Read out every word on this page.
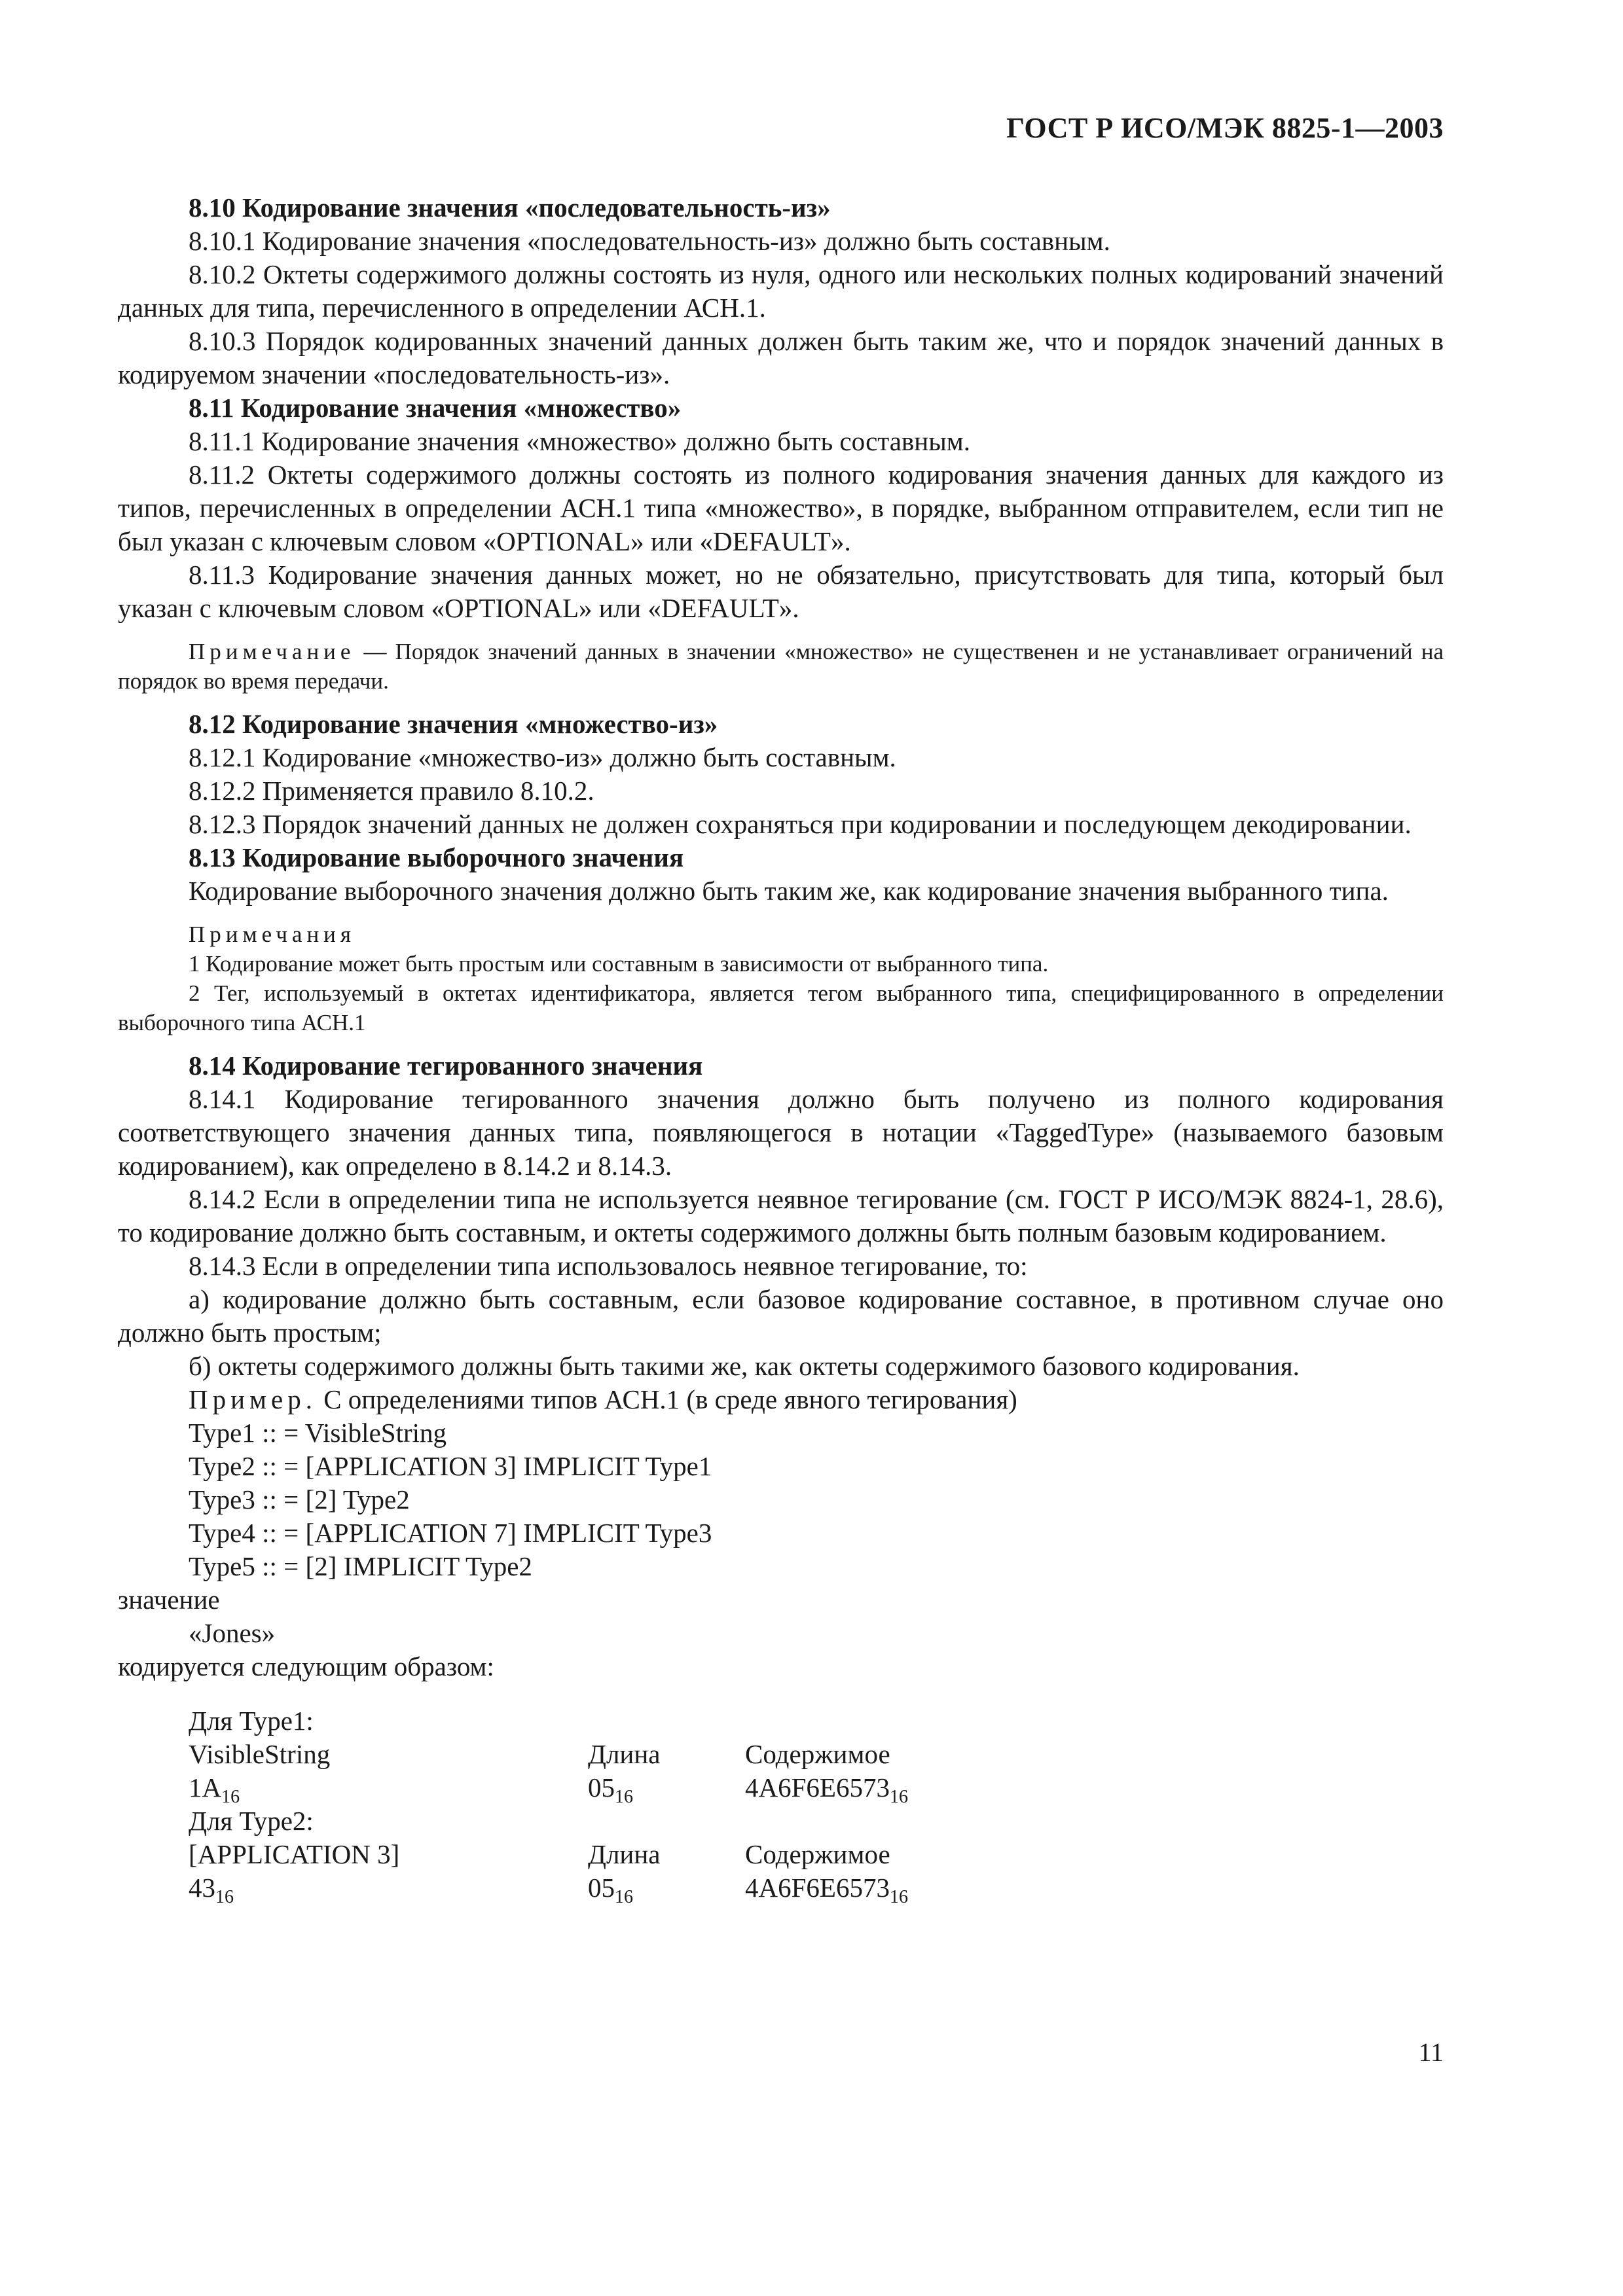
ГОСТ Р ИСО/МЭК 8825-1—2003

8.10 Кодирование значения «последовательность-из»

8.10.1 Кодирование значения «последовательность-из» должно быть составным.

8.10.2 Октеты содержимого должны состоять из нуля, одного или нескольких полных кодирований значений данных для типа, перечисленного в определении АСН.1.

8.10.3 Порядок кодированных значений данных должен быть таким же, что и порядок значений данных в кодируемом значении «последовательность-из».

8.11 Кодирование значения «множество»

8.11.1 Кодирование значения «множество» должно быть составным.

8.11.2 Октеты содержимого должны состоять из полного кодирования значения данных для каждого из типов, перечисленных в определении АСН.1 типа «множество», в порядке, выбранном отправителем, если тип не был указан с ключевым словом «OPTIONAL» или «DEFAULT».

8.11.3 Кодирование значения данных может, но не обязательно, присутствовать для типа, который был указан с ключевым словом «OPTIONAL» или «DEFAULT».

Примечание — Порядок значений данных в значении «множество» не существенен и не устанавливает ограничений на порядок во время передачи.

8.12 Кодирование значения «множество-из»

8.12.1 Кодирование «множество-из» должно быть составным.

8.12.2 Применяется правило 8.10.2.

8.12.3 Порядок значений данных не должен сохраняться при кодировании и последующем декодировании.

8.13 Кодирование выборочного значения

Кодирование выборочного значения должно быть таким же, как кодирование значения выбранного типа.

Примечания

1 Кодирование может быть простым или составным в зависимости от выбранного типа.

2 Тег, используемый в октетах идентификатора, является тегом выбранного типа, специфицированного в определении выборочного типа АСН.1

8.14 Кодирование тегированного значения

8.14.1 Кодирование тегированного значения должно быть получено из полного кодирования соответствующего значения данных типа, появляющегося в нотации «TaggedType» (называемого базовым кодированием), как определено в 8.14.2 и 8.14.3.

8.14.2 Если в определении типа не используется неявное тегирование (см. ГОСТ Р ИСО/МЭК 8824-1, 28.6), то кодирование должно быть составным, и октеты содержимого должны быть полным базовым кодированием.

8.14.3 Если в определении типа использовалось неявное тегирование, то:

а) кодирование должно быть составным, если базовое кодирование составное, в противном случае оно должно быть простым;

б) октеты содержимого должны быть такими же, как октеты содержимого базового кодирования.

Пример. С определениями типов АСН.1 (в среде явного тегирования)

Type1 :: = VisibleString

Type2 :: = [APPLICATION 3] IMPLICIT Type1

Type3 :: = [2] Type2

Type4 :: = [APPLICATION 7] IMPLICIT Type3

Type5 :: = [2] IMPLICIT Type2

значение

«Jones»

кодируется следующим образом:

Для Type1:
VisibleString	Длина	Содержимое
$1A_{16}$	$05_{16}$	$4A6F6E6573_{16}$
Для Type2:
[APPLICATION 3]	Длина	Содержимое
$43_{16}$	$05_{16}$	$4A6F6E6573_{16}$
11
